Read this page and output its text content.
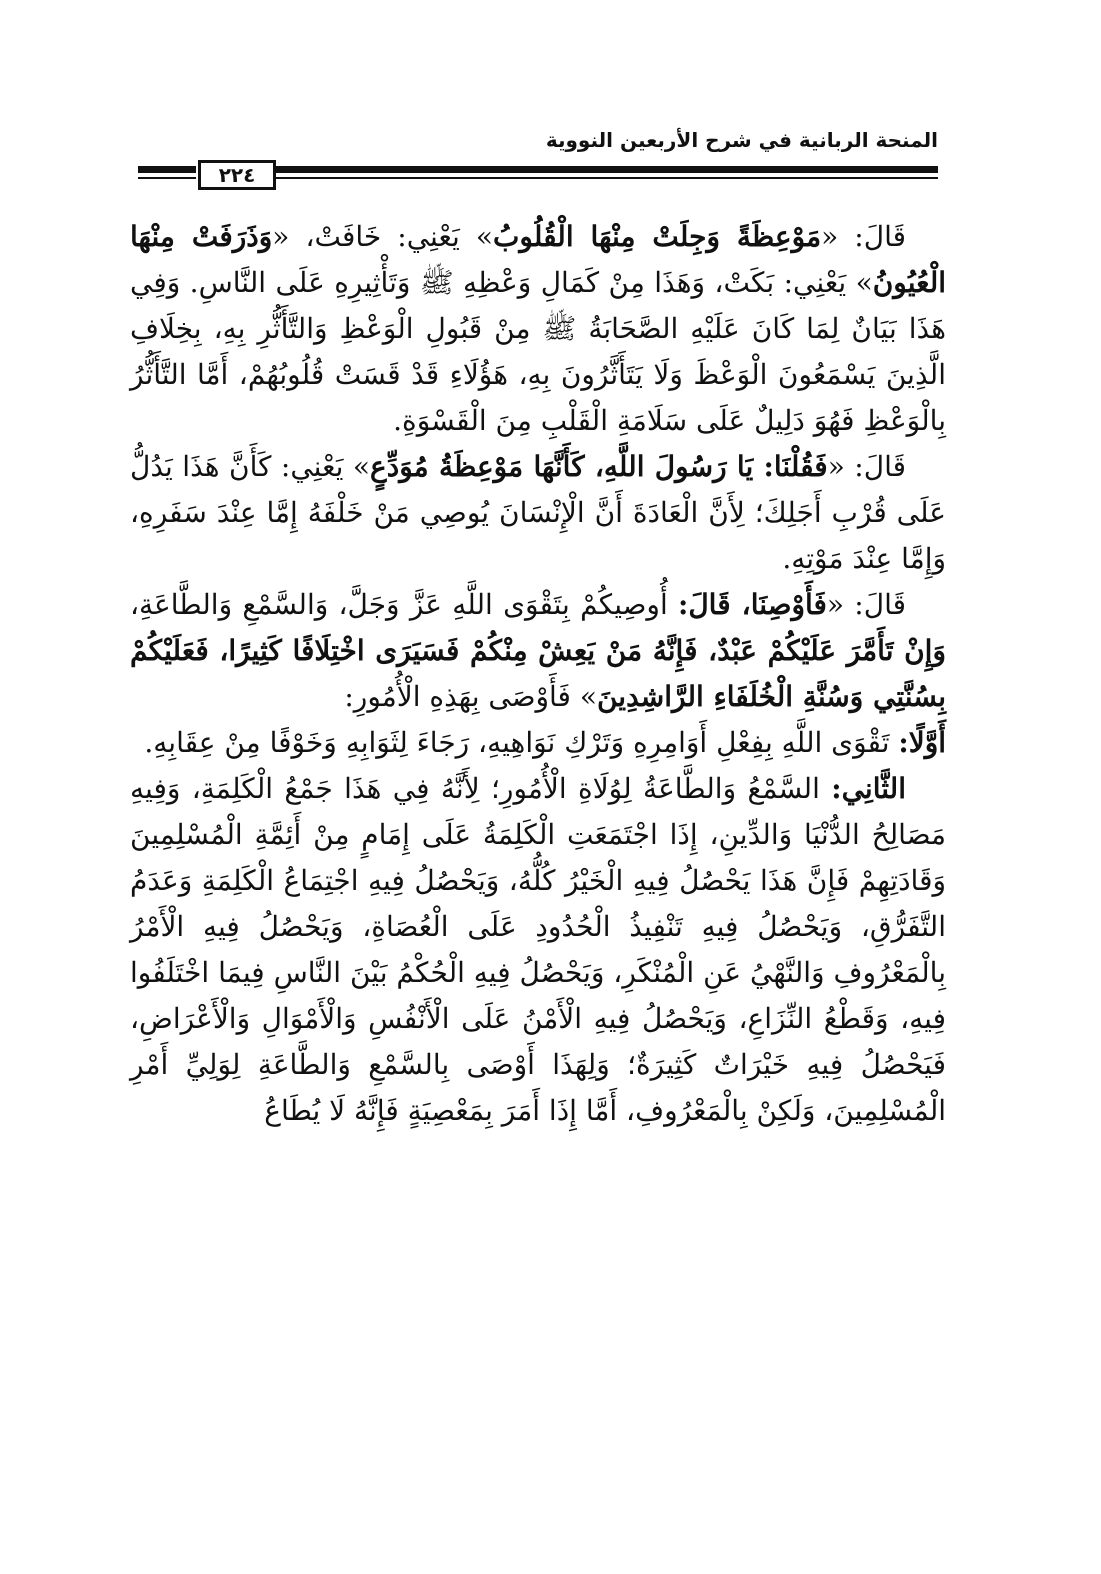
المنحة الربانية في شرح الأربعين النووية
٢٢٤

قَالَ: «مَوْعِظَةً وَجِلَتْ مِنْهَا الْقُلُوبُ» يَعْنِي: خَافَتْ، «وَذَرَفَتْ مِنْهَا الْعُيُونُ» يَعْنِي: بَكَتْ، وَهَذَا مِنْ كَمَالِ وَعْظِهِ ﷺ وَتَأْثِيرِهِ عَلَى النَّاسِ. وَفِي هَذَا بَيَانٌ لِمَا كَانَ عَلَيْهِ الصَّحَابَةُ ﷺ مِنْ قَبُولِ الْوَعْظِ وَالتَّأَثُّرِ بِهِ، بِخِلَافِ الَّذِينَ يَسْمَعُونَ الْوَعْظَ وَلَا يَتَأَثَّرُونَ بِهِ، هَؤُلَاءِ قَدْ قَسَتْ قُلُوبُهُمْ، أَمَّا التَّأَثُّرُ بِالْوَعْظِ فَهُوَ دَلِيلٌ عَلَى سَلَامَةِ الْقَلْبِ مِنَ الْقَسْوَةِ.

قَالَ: «فَقُلْنَا: يَا رَسُولَ اللَّهِ، كَأَنَّهَا مَوْعِظَةُ مُوَدِّعٍ» يَعْنِي: كَأَنَّ هَذَا يَدُلُّ عَلَى قُرْبِ أَجَلِكَ؛ لِأَنَّ الْعَادَةَ أَنَّ الْإِنْسَانَ يُوصِي مَنْ خَلْفَهُ إِمَّا عِنْدَ سَفَرِهِ، وَإِمَّا عِنْدَ مَوْتِهِ.

قَالَ: «فَأَوْصِنَا، قَالَ: أُوصِيكُمْ بِتَقْوَى اللَّهِ عَزَّ وَجَلَّ، وَالسَّمْعِ وَالطَّاعَةِ، وَإِنْ تَأَمَّرَ عَلَيْكُمْ عَبْدٌ، فَإِنَّهُ مَنْ يَعِشْ مِنْكُمْ فَسَيَرَى اخْتِلَافًا كَثِيرًا، فَعَلَيْكُمْ بِسُنَّتِي وَسُنَّةِ الْخُلَفَاءِ الرَّاشِدِينَ» فَأَوْصَى بِهَذِهِ الْأُمُورِ:

أَوَّلًا: تَقْوَى اللَّهِ بِفِعْلِ أَوَامِرِهِ وَتَرْكِ نَوَاهِيهِ، رَجَاءَ لِثَوَابِهِ وَخَوْفًا مِنْ عِقَابِهِ.

الثَّانِي: السَّمْعُ وَالطَّاعَةُ لِوُلَاةِ الْأُمُورِ؛ لِأَنَّهُ فِي هَذَا جَمْعُ الْكَلِمَةِ، وَفِيهِ مَصَالِحُ الدُّنْيَا وَالدِّينِ، إِذَا اجْتَمَعَتِ الْكَلِمَةُ عَلَى إِمَامٍ مِنْ أَئِمَّةِ الْمُسْلِمِينَ وَقَادَتِهِمْ فَإِنَّ هَذَا يَحْصُلُ فِيهِ الْخَيْرُ كُلُّهُ، وَيَحْصُلُ فِيهِ اجْتِمَاعُ الْكَلِمَةِ وَعَدَمُ التَّفَرُّقِ، وَيَحْصُلُ فِيهِ تَنْفِيذُ الْحُدُودِ عَلَى الْعُصَاةِ، وَيَحْصُلُ فِيهِ الْأَمْرُ بِالْمَعْرُوفِ وَالنَّهْيُ عَنِ الْمُنْكَرِ، وَيَحْصُلُ فِيهِ الْحُكْمُ بَيْنَ النَّاسِ فِيمَا اخْتَلَفُوا فِيهِ، وَقَطْعُ النِّزَاعِ، وَيَحْصُلُ فِيهِ الْأَمْنُ عَلَى الْأَنْفُسِ وَالْأَمْوَالِ وَالْأَعْرَاضِ، فَيَحْصُلُ فِيهِ خَيْرَاتٌ كَثِيرَةٌ؛ وَلِهَذَا أَوْصَى بِالسَّمْعِ وَالطَّاعَةِ لِوَلِيِّ أَمْرِ الْمُسْلِمِينَ، وَلَكِنْ بِالْمَعْرُوفِ، أَمَّا إِذَا أَمَرَ بِمَعْصِيَةٍ فَإِنَّهُ لَا يُطَاعُ
